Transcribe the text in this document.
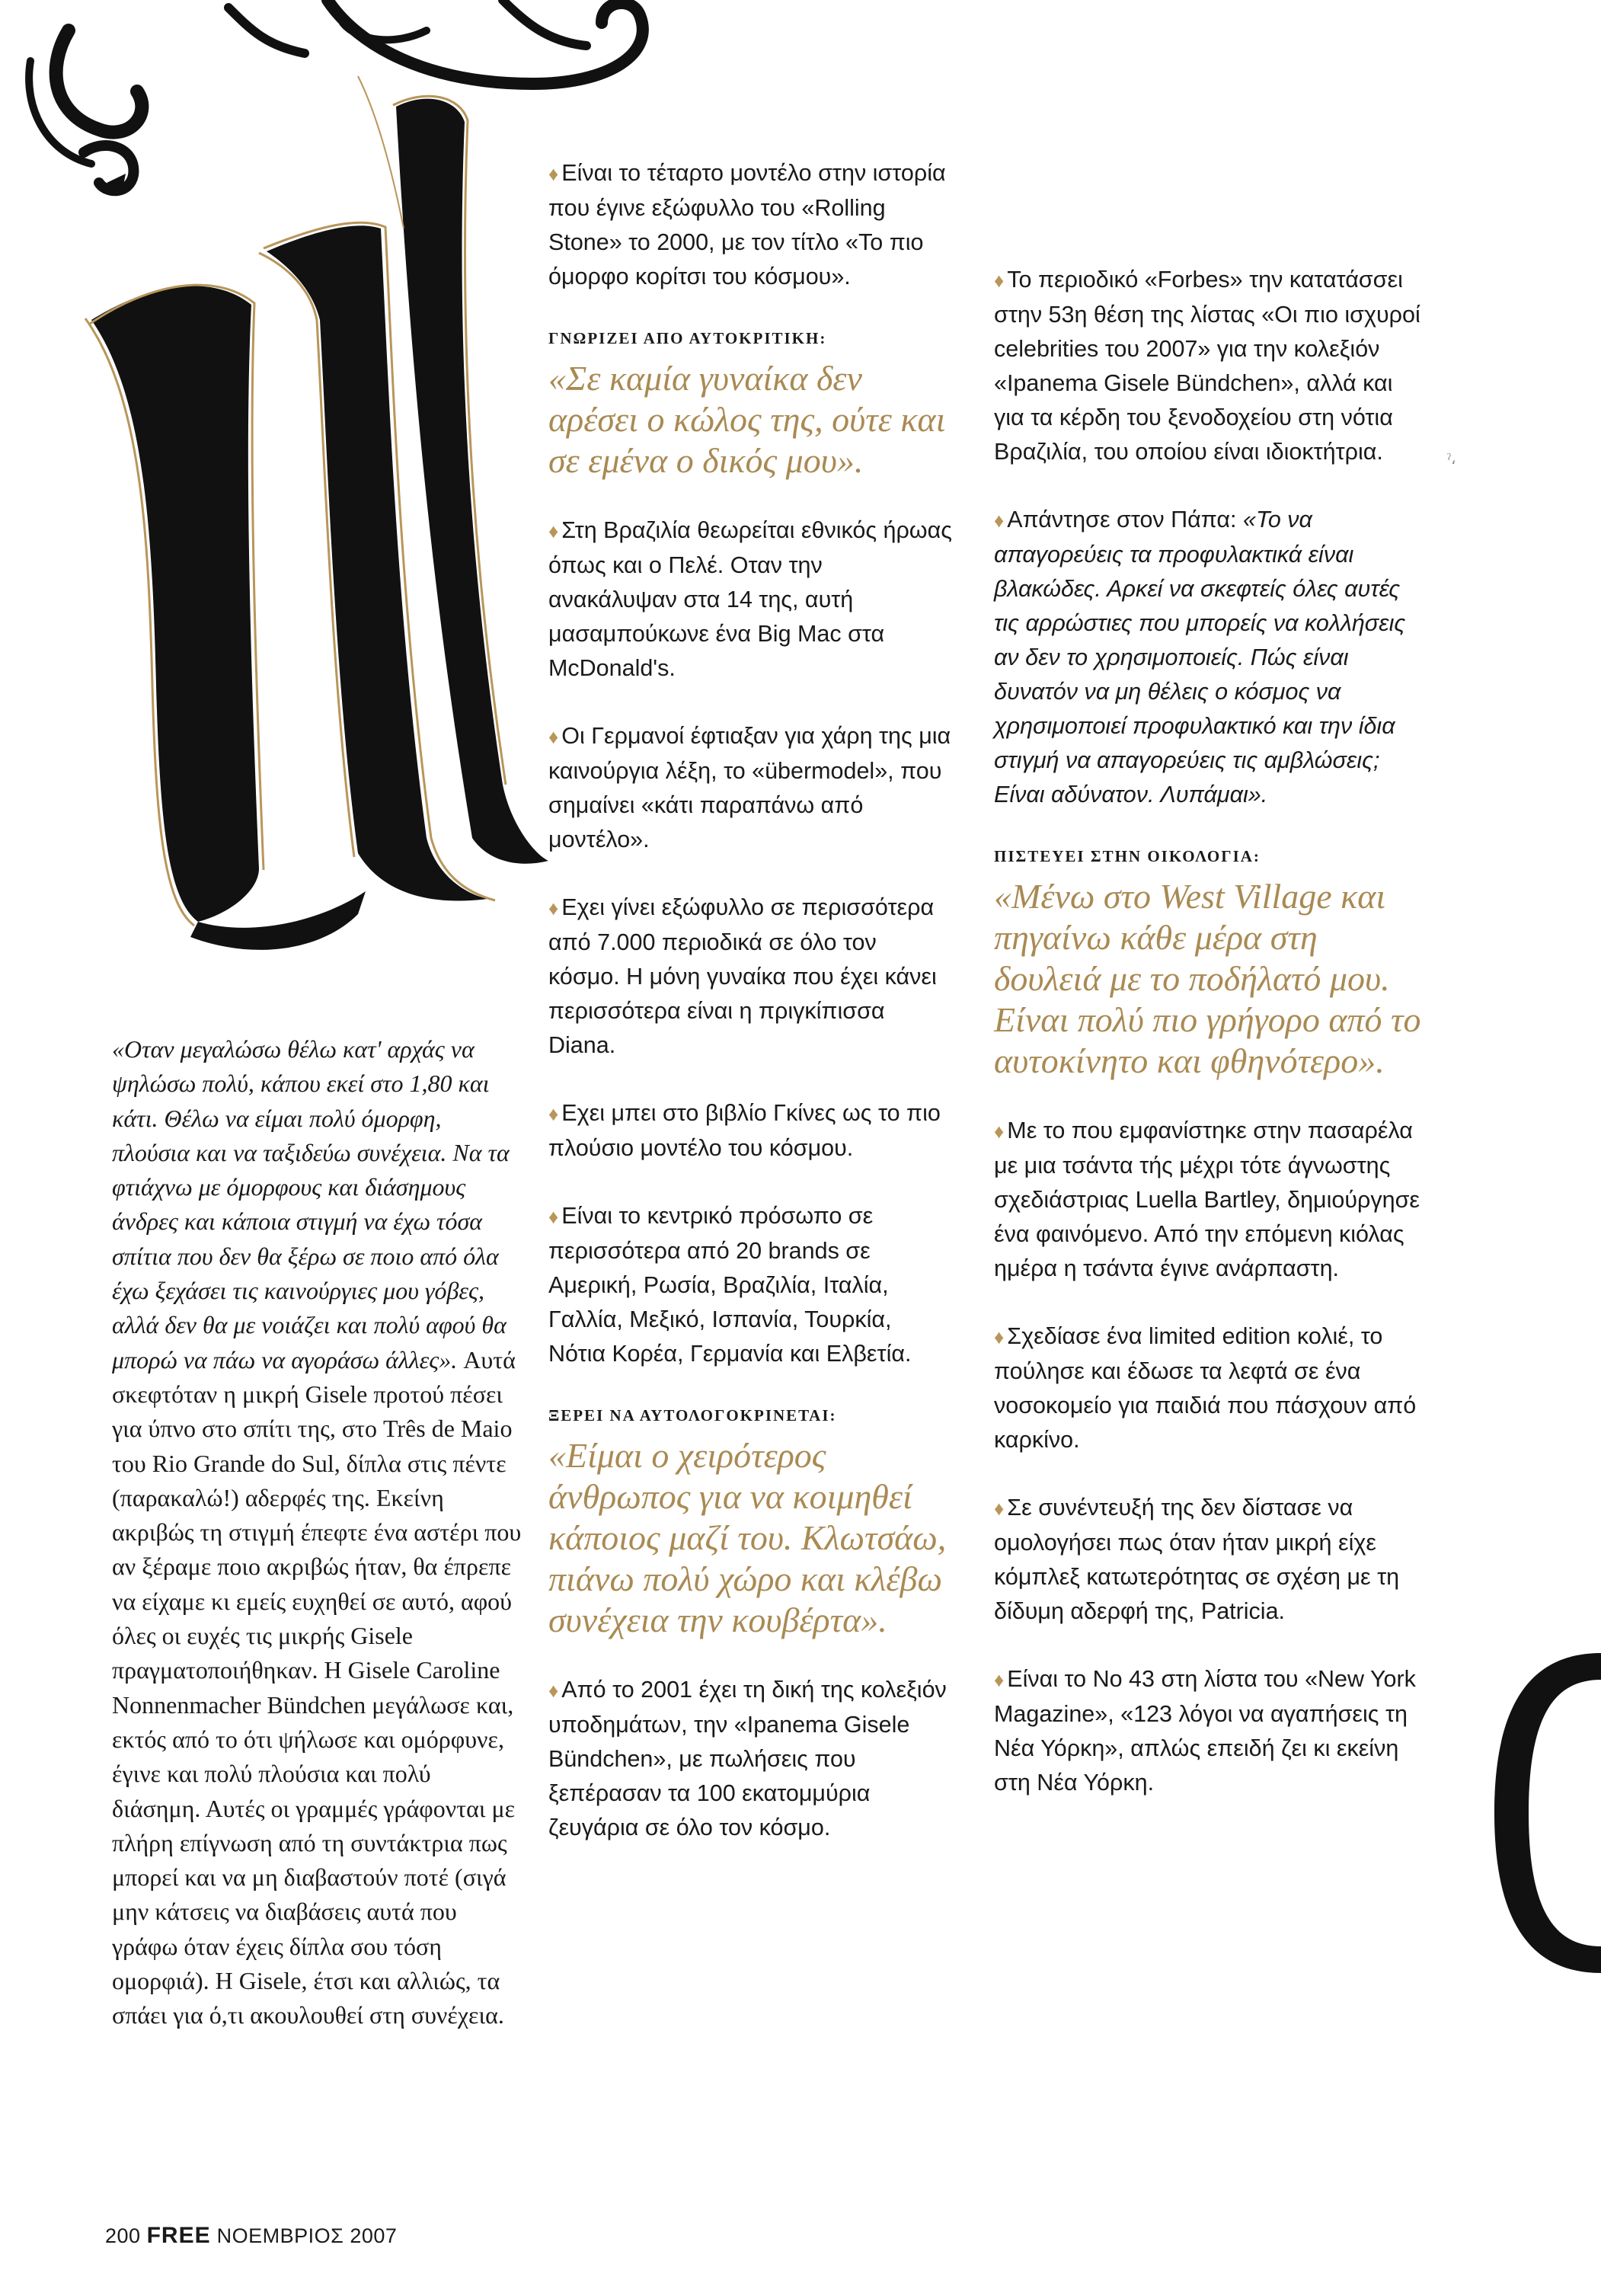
ˀ،

«Οταν μεγαλώσω θέλω κατ' αρχάς να ψηλώσω πολύ, κάπου εκεί στο 1,80 και κάτι. Θέλω να είμαι πολύ όμορφη, πλούσια και να ταξιδεύω συνέχεια. Να τα φτιάχνω με όμορφους και διάσημους άνδρες και κάποια στιγμή να έχω τόσα σπίτια που δεν θα ξέρω σε ποιο από όλα έχω ξεχάσει τις καινούργιες μου γόβες, αλλά δεν θα με νοιάζει και πολύ αφού θα μπορώ να πάω να αγοράσω άλλες». Αυτά σκεφτόταν η μικρή Gisele προτού πέσει για ύπνο στο σπίτι της, στο Três de Maio του Rio Grande do Sul, δίπλα στις πέντε (παρακαλώ!) αδερφές της. Εκείνη ακριβώς τη στιγμή έπεφτε ένα αστέρι που αν ξέραμε ποιο ακριβώς ήταν, θα έπρεπε να είχαμε κι εμείς ευχηθεί σε αυτό, αφού όλες οι ευχές τις μικρής Gisele πραγματοποιήθηκαν. Η Gisele Caroline Nonnenmacher Bündchen μεγάλωσε και, εκτός από το ότι ψήλωσε και ομόρφυνε, έγινε και πολύ πλούσια και πολύ διάσημη. Αυτές οι γραμμές γράφονται με πλήρη επίγνωση από τη συντάκτρια πως μπορεί και να μη διαβαστούν ποτέ (σιγά μην κάτσεις να διαβάσεις αυτά που γράφω όταν έχεις δίπλα σου τόση ομορφιά). Η Gisele, έτσι και αλλιώς, τα σπάει για ό,τι ακουλουθεί στη συνέχεια.

♦ Είναι το τέταρτο μοντέλο στην ιστορία που έγινε εξώφυλλο του «Rolling Stone» το 2000, με τον τίτλο «Το πιο όμορφο κορίτσι του κόσμου».

ΓΝΩΡΙΖΕΙ ΑΠΟ ΑΥΤΟΚΡΙΤΙΚΗ:

«Σε καμία γυναίκα δεν αρέσει ο κώλος της, ούτε και σε εμένα ο δικός μου».

♦ Στη Βραζιλία θεωρείται εθνικός ήρωας όπως και ο Πελέ. Οταν την ανακάλυψαν στα 14 της, αυτή μασαμπούκωνε ένα Big Mac στα McDonald's.

♦ Οι Γερμανοί έφτιαξαν για χάρη της μια καινούργια λέξη, το «übermodel», που σημαίνει «κάτι παραπάνω από μοντέλο».

♦ Εχει γίνει εξώφυλλο σε περισσότερα από 7.000 περιοδικά σε όλο τον κόσμο. Η μόνη γυναίκα που έχει κάνει περισσότερα είναι η πριγκίπισσα Diana.

♦ Εχει μπει στο βιβλίο Γκίνες ως το πιο πλούσιο μοντέλο του κόσμου.

♦ Είναι το κεντρικό πρόσωπο σε περισσότερα από 20 brands σε Αμερική, Ρωσία, Βραζιλία, Ιταλία, Γαλλία, Μεξικό, Ισπανία, Τουρκία, Νότια Κορέα, Γερμανία και Ελβετία.

ΞΕΡΕΙ ΝΑ ΑΥΤΟΛΟΓΟΚΡΙΝΕΤΑΙ:

«Είμαι ο χειρότερος άνθρωπος για να κοιμηθεί κάποιος μαζί του. Κλωτσάω, πιάνω πολύ χώρο και κλέβω συνέχεια την κουβέρτα».

♦ Από το 2001 έχει τη δική της κολεξιόν υποδημάτων, την «Ipanema Gisele Bündchen», με πωλήσεις που ξεπέρασαν τα 100 εκατομμύρια ζευγάρια σε όλο τον κόσμο.

♦ Το περιοδικό «Forbes» την κατατάσσει στην 53η θέση της λίστας «Οι πιο ισχυροί celebrities του 2007» για την κολεξιόν «Ipanema Gisele Bündchen», αλλά και για τα κέρδη του ξενοδοχείου στη νότια Βραζιλία, του οποίου είναι ιδιοκτήτρια.

♦ Απάντησε στον Πάπα: «Το να απαγορεύεις τα προφυλακτικά είναι βλακώδες. Αρκεί να σκεφτείς όλες αυτές τις αρρώστιες που μπορείς να κολλήσεις αν δεν το χρησιμοποιείς. Πώς είναι δυνατόν να μη θέλεις ο κόσμος να χρησιμοποιεί προφυλακτικό και την ίδια στιγμή να απαγορεύεις τις αμβλώσεις; Είναι αδύνατον. Λυπάμαι».

ΠΙΣΤΕΥΕΙ ΣΤΗΝ ΟΙΚΟΛΟΓΙΑ:

«Μένω στο West Village και πηγαίνω κάθε μέρα στη δουλειά με το ποδήλατό μου. Είναι πολύ πιο γρήγορο από το αυτοκίνητο και φθηνότερο».

♦ Με το που εμφανίστηκε στην πασαρέλα με μια τσάντα τής μέχρι τότε άγνωστης σχεδιάστριας Luella Bartley, δημιούργησε ένα φαινόμενο. Από την επόμενη κιόλας ημέρα η τσάντα έγινε ανάρπαστη.

♦ Σχεδίασε ένα limited edition κολιέ, το πούλησε και έδωσε τα λεφτά σε ένα νοσοκομείο για παιδιά που πάσχουν από καρκίνο.

♦ Σε συνέντευξή της δεν δίστασε να ομολογήσει πως όταν ήταν μικρή είχε κόμπλεξ κατωτερότητας σε σχέση με τη δίδυμη αδερφή της, Patricia.

♦ Είναι το Νο 43 στη λίστα του «New York Magazine», «123 λόγοι να αγαπήσεις τη Νέα Υόρκη», απλώς επειδή ζει κι εκείνη στη Νέα Υόρκη.

200 FREE ΝΟΕΜΒΡΙΟΣ 2007
